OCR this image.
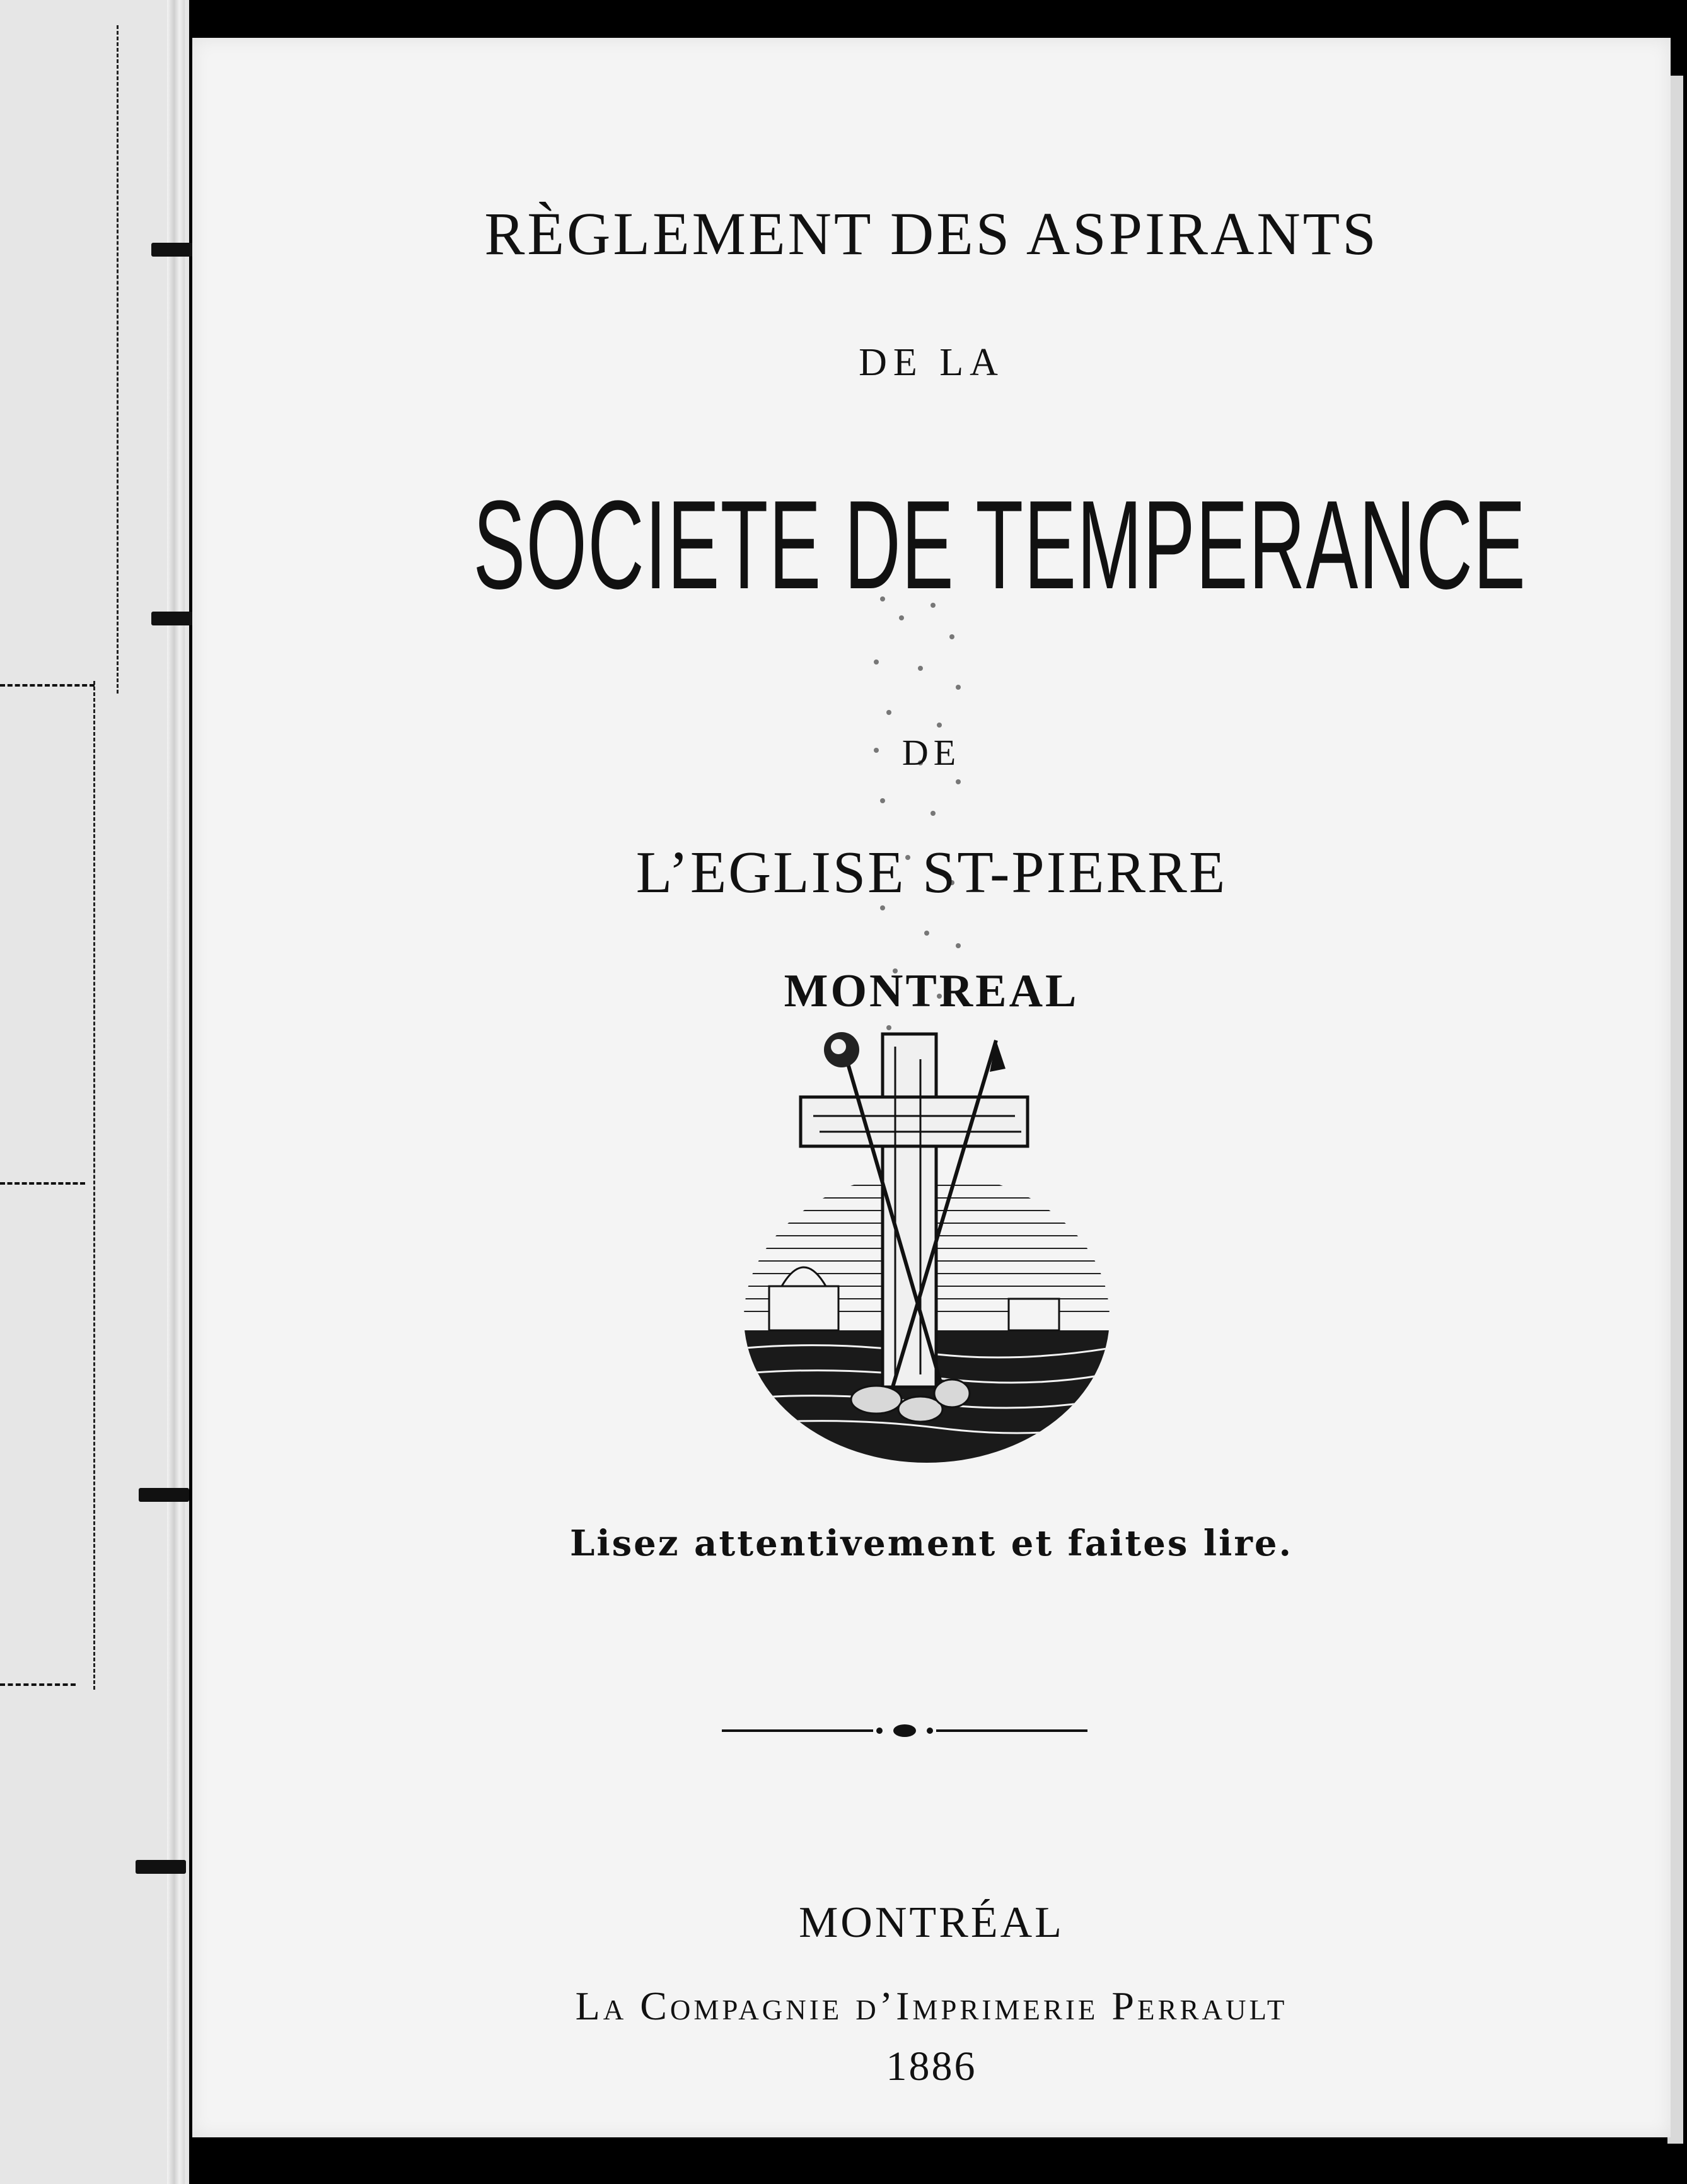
RÈGLEMENT DES ASPIRANTS
DE LA
SOCIETE DE TEMPERANCE
DE
L’EGLISE ST-PIERRE
MONTREAL
Lisez attentivement et faites lire.
MONTRÉAL
La Compagnie d’Imprimerie Perrault
1886
